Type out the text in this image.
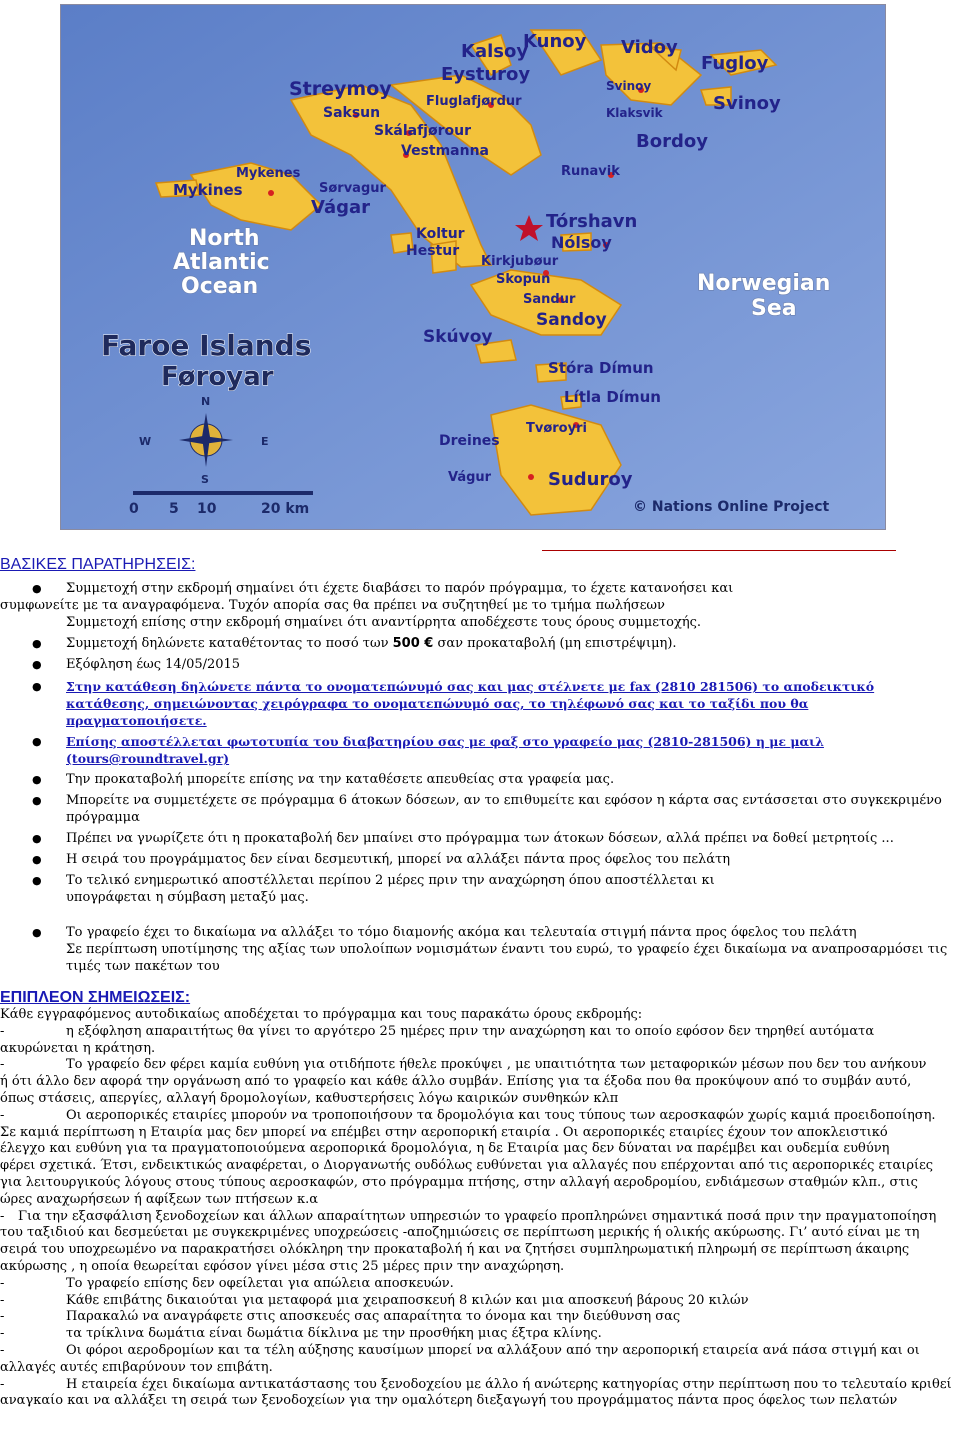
Kunoy
Kalsoy	Vidoy
Fugloy
Streymoy
Eysturoy
Svinoy
Svinoy
Saksun
Fluglafjørdur
Klaksvik
Bordoy
Skálafjørour
Vestmanna
Runavik
Mykenes
Mykines	Sørvagur
Vágar
Koltur
Hestur
Tórshavn
Nólsoy
Kirkjubøur
Skopun
Sandur
Sandoy
Skúvoy
Stóra Dímun
Lítla Dímun
Tvøroyri
Dreines
Vágur	Suduroy
North
Atlantic
Ocean	Norwegian
Sea
Faroe Islands
Føroyar
N
W	E
S
0 5 10	20 km	© Nations Online Project
ΒΑΣΙΚΕΣ ΠΑΡΑΤΗΡΗΣΕΙΣ:
●	Συμμετοχή στην εκδρομή σημαίνει ότι έχετε διαβάσει το παρόν πρόγραμμα, το έχετε κατανοήσει και
συμφωνείτε με τα αναγραφόμενα. Τυχόν απορία σας θα πρέπει να συζητηθεί με το τμήμα πωλήσεων
Συμμετοχή επίσης στην εκδρομή σημαίνει ότι αναντίρρητα αποδέχεστε τους όρους συμμετοχής.
●	Συμμετοχή δηλώνετε καταθέτοντας το ποσό των 500 € σαν προκαταβολή (μη επιστρέψιμη).
●	Εξόφληση έως 14/05/2015
●	Στην κατάθεση δηλώνετε πάντα το ονοματεπώνυμό σας και μας στέλνετε με fax (2810 281506) το αποδεικτικό
κατάθεσης, σημειώνοντας χειρόγραφα το ονοματεπώνυμό σας, το τηλέφωνό σας και το ταξίδι που θα
πραγματοποιήσετε.
●	Επίσης αποστέλλεται φωτοτυπία του διαβατηρίου σας με φαξ στο γραφείο μας (2810-281506) η με μαιλ
(tours@roundtravel.gr)
●	Την προκαταβολή μπορείτε επίσης να την καταθέσετε απευθείας στα γραφεία μας.
●	Μπορείτε να συμμετέχετε σε πρόγραμμα 6 άτοκων δόσεων, αν το επιθυμείτε και εφόσον η κάρτα σας εντάσσεται στο συγκεκριμένο
πρόγραμμα
●	Πρέπει να γνωρίζετε ότι η προκαταβολή δεν μπαίνει στο πρόγραμμα των άτοκων δόσεων, αλλά πρέπει να δοθεί μετρητοίς ...
●	Η σειρά του προγράμματος δεν είναι δεσμευτική, μπορεί να αλλάξει πάντα προς όφελος του πελάτη
●	Το τελικό ενημερωτικό αποστέλλεται περίπου 2 μέρες πριν την αναχώρηση όπου αποστέλλεται κι
υπογράφεται η σύμβαση μεταξύ μας.
●	Το γραφείο έχει το δικαίωμα να αλλάξει το τόμο διαμονής ακόμα και τελευταία στιγμή πάντα προς όφελος του πελάτη
Σε περίπτωση υποτίμησης της αξίας των υπολοίπων νομισμάτων έναντι του ευρώ, το γραφείο έχει δικαίωμα να αναπροσαρμόσει τις
τιμές των πακέτων του
ΕΠΙΠΛΕΟΝ ΣΗΜΕΙΩΣΕΙΣ:

Κάθε εγγραφόμενος αυτοδικαίως αποδέχεται το πρόγραμμα και τους παρακάτω όρους εκδρομής:

-	η εξόφληση απαραιτήτως θα γίνει το αργότερο 25 ημέρες πριν την αναχώρηση και το οποίο εφόσον δεν τηρηθεί αυτόματα
ακυρώνεται η κράτηση.
-	Το γραφείο δεν φέρει καμία ευθύνη για οτιδήποτε ήθελε προκύψει , με υπαιτιότητα των μεταφορικών μέσων που δεν του ανήκουν
ή ότι άλλο δεν αφορά την οργάνωση από το γραφείο και κάθε άλλο συμβάν. Επίσης για τα έξοδα που θα προκύψουν από το συμβάν αυτό,
όπως στάσεις, απεργίες, αλλαγή δρομολογίων, καθυστερήσεις λόγω καιρικών συνθηκών κλπ
-	Οι αεροπορικές εταιρίες μπορούν να τροποποιήσουν τα δρομολόγια και τους τύπους των αεροσκαφών χωρίς καμιά προειδοποίηση.
Σε καμιά περίπτωση η Εταιρία μας δεν μπορεί να επέμβει στην αεροπορική εταιρία . Οι αεροπορικές εταιρίες έχουν τον αποκλειστικό
έλεγχο και ευθύνη για τα πραγματοποιούμενα αεροπορικά δρομολόγια, η δε Εταιρία μας δεν δύναται να παρέμβει και ουδεμία ευθύνη
φέρει σχετικά. Έτσι, ενδεικτικώς αναφέρεται, ο Διοργανωτής ουδόλως ευθύνεται για αλλαγές που επέρχονται από τις αεροπορικές εταιρίες
για λειτουργικούς λόγους στους τύπους αεροσκαφών, στο πρόγραμμα πτήσης, στην αλλαγή αεροδρομίου, ενδιάμεσων σταθμών κλπ., στις
ώρες αναχωρήσεων ή αφίξεων των πτήσεων κ.α
- Για την εξασφάλιση ξενοδοχείων και άλλων απαραίτητων υπηρεσιών το γραφείο προπληρώνει σημαντικά ποσά πριν την πραγματοποίηση
του ταξιδιού και δεσμεύεται με συγκεκριμένες υποχρεώσεις -αποζημιώσεις σε περίπτωση μερικής ή ολικής ακύρωσης. Γι’ αυτό είναι με τη
σειρά του υποχρεωμένο να παρακρατήσει ολόκληρη την προκαταβολή ή και να ζητήσει συμπληρωματική πληρωμή σε περίπτωση άκαιρης
ακύρωσης , η οποία θεωρείται εφόσον γίνει μέσα στις 25 μέρες πριν την αναχώρηση.
-	Το γραφείο επίσης δεν οφείλεται για απώλεια αποσκευών.
-	Κάθε επιβάτης δικαιούται για μεταφορά μια χειραποσκευή 8 κιλών και μια αποσκευή βάρους 20 κιλών
-	Παρακαλώ να αναγράφετε στις αποσκευές σας απαραίτητα το όνομα και την διεύθυνση σας
-	τα τρίκλινα δωμάτια είναι δωμάτια δίκλινα με την προσθήκη μιας έξτρα κλίνης.
-	Οι φόροι αεροδρομίων και τα τέλη αύξησης καυσίμων μπορεί να αλλάξουν από την αεροπορική εταιρεία ανά πάσα στιγμή και οι
αλλαγές αυτές επιβαρύνουν τον επιβάτη.
-	Η εταιρεία έχει δικαίωμα αντικατάστασης του ξενοδοχείου με άλλο ή ανώτερης κατηγορίας στην περίπτωση που το τελευταίο κριθεί
αναγκαίο και να αλλάξει τη σειρά των ξενοδοχείων για την ομαλότερη διεξαγωγή του προγράμματος πάντα προς όφελος των πελατών
